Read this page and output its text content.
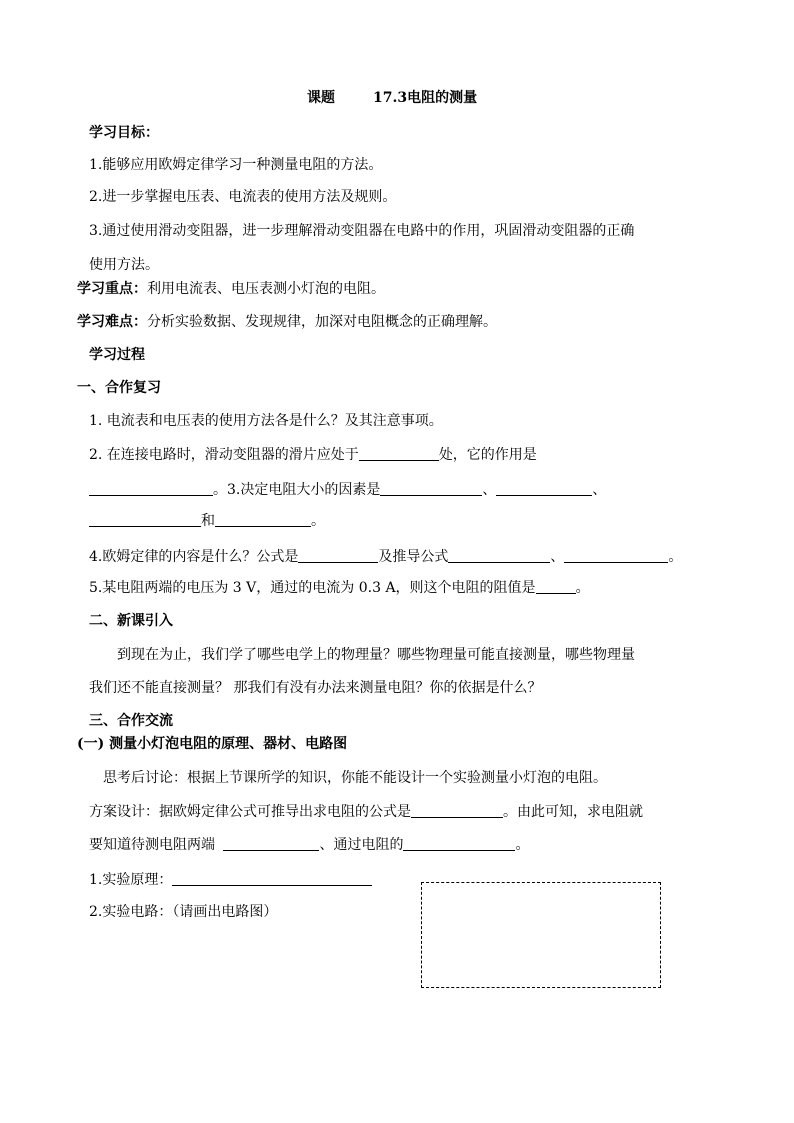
课题	17.3电阻的测量
学习目标：
1.能够应用欧姆定律学习一种测量电阻的方法。
2.进一步掌握电压表、电流表的使用方法及规则。
3.通过使用滑动变阻器，进一步理解滑动变阻器在电路中的作用，巩固滑动变阻器的正确
使用方法。
学习重点：利用电流表、电压表测小灯泡的电阻。
学习难点：分析实验数据、发现规律，加深对电阻概念的正确理解。
学习过程
一、合作复习
1. 电流表和电压表的使用方法各是什么？及其注意事项。
2. 在连接电路时，滑动变阻器的滑片应处于	处，它的作用是
。3.决定电阻大小的因素是	、	、
和	。
4.欧姆定律的内容是什么？公式是	及推导公式	、	。
5.某电阻两端的电压为 3 V，通过的电流为 0.3 A，则这个电阻的阻值是	。
二、新课引入
到现在为止，我们学了哪些电学上的物理量？哪些物理量可能直接测量，哪些物理量
我们还不能直接测量？ 那我们有没有办法来测量电阻？你的依据是什么？
三、合作交流
(一) 测量小灯泡电阻的原理、器材、电路图
思考后讨论：根据上节课所学的知识，你能不能设计一个实验测量小灯泡的电阻。
方案设计：据欧姆定律公式可推导出求电阻的公式是	。由此可知，求电阻就
要知道待测电阻两端	、通过电阻的	。
1.实验原理：
2.实验电路：（请画出电路图）
